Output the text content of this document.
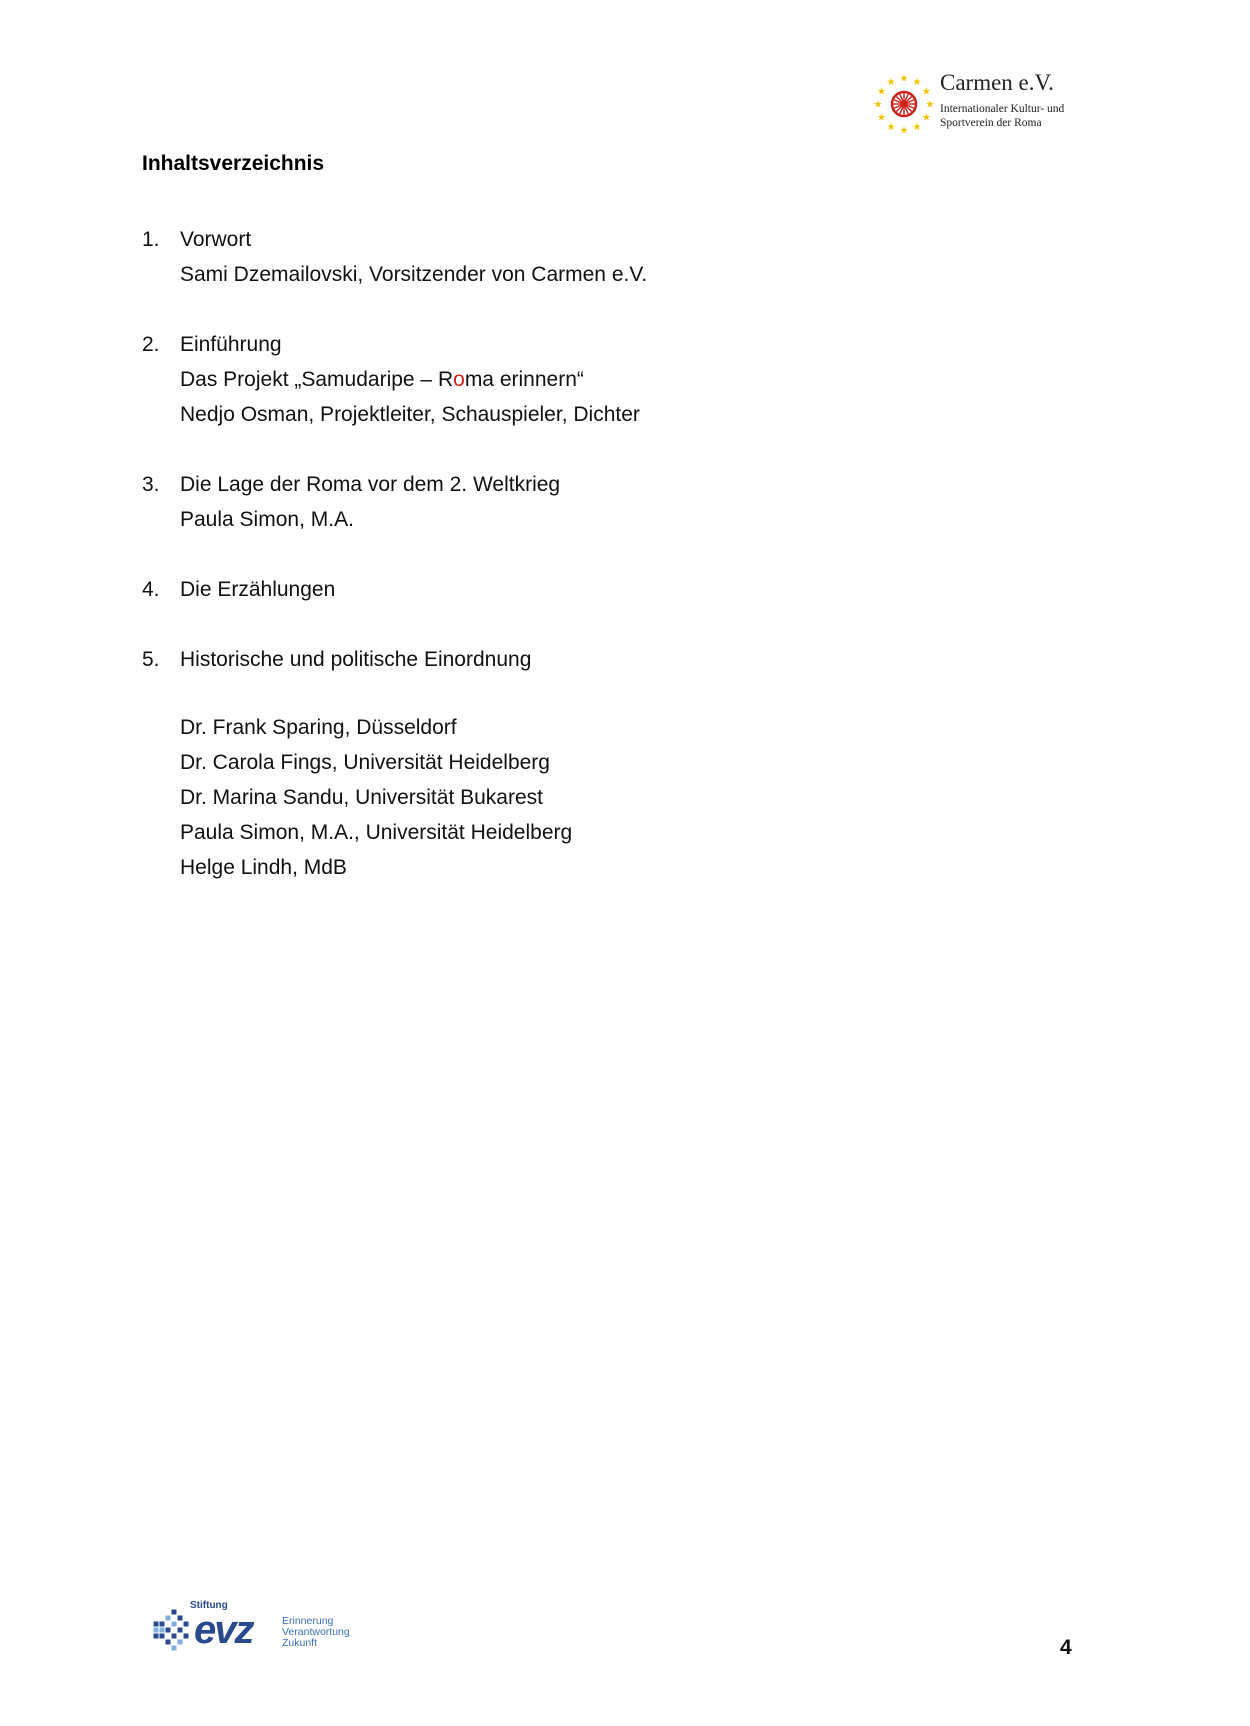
★
★
★
★
★
★
★
★
★ ★ ★
★ Carmen e.V.
Internationaler Kultur- und
Sportverein der Roma
Inhaltsverzeichnis
1. Vorwort
Sami Dzemailovski, Vorsitzender von Carmen e.V.
2. Einführung
Das Projekt „Samudaripe – Roma erinnern“
Nedjo Osman, Projektleiter, Schauspieler, Dichter
3. Die Lage der Roma vor dem 2. Weltkrieg
Paula Simon, M.A.
4. Die Erzählungen
5. Historische und politische Einordnung
Dr. Frank Sparing, Düsseldorf
Dr. Carola Fings, Universität Heidelberg
Dr. Marina Sandu, Universität Bukarest
Paula Simon, M.A., Universität Heidelberg
Helge Lindh, MdB
Stiftung
evz	Erinnerung
Verantwortung
Zukunft	4
